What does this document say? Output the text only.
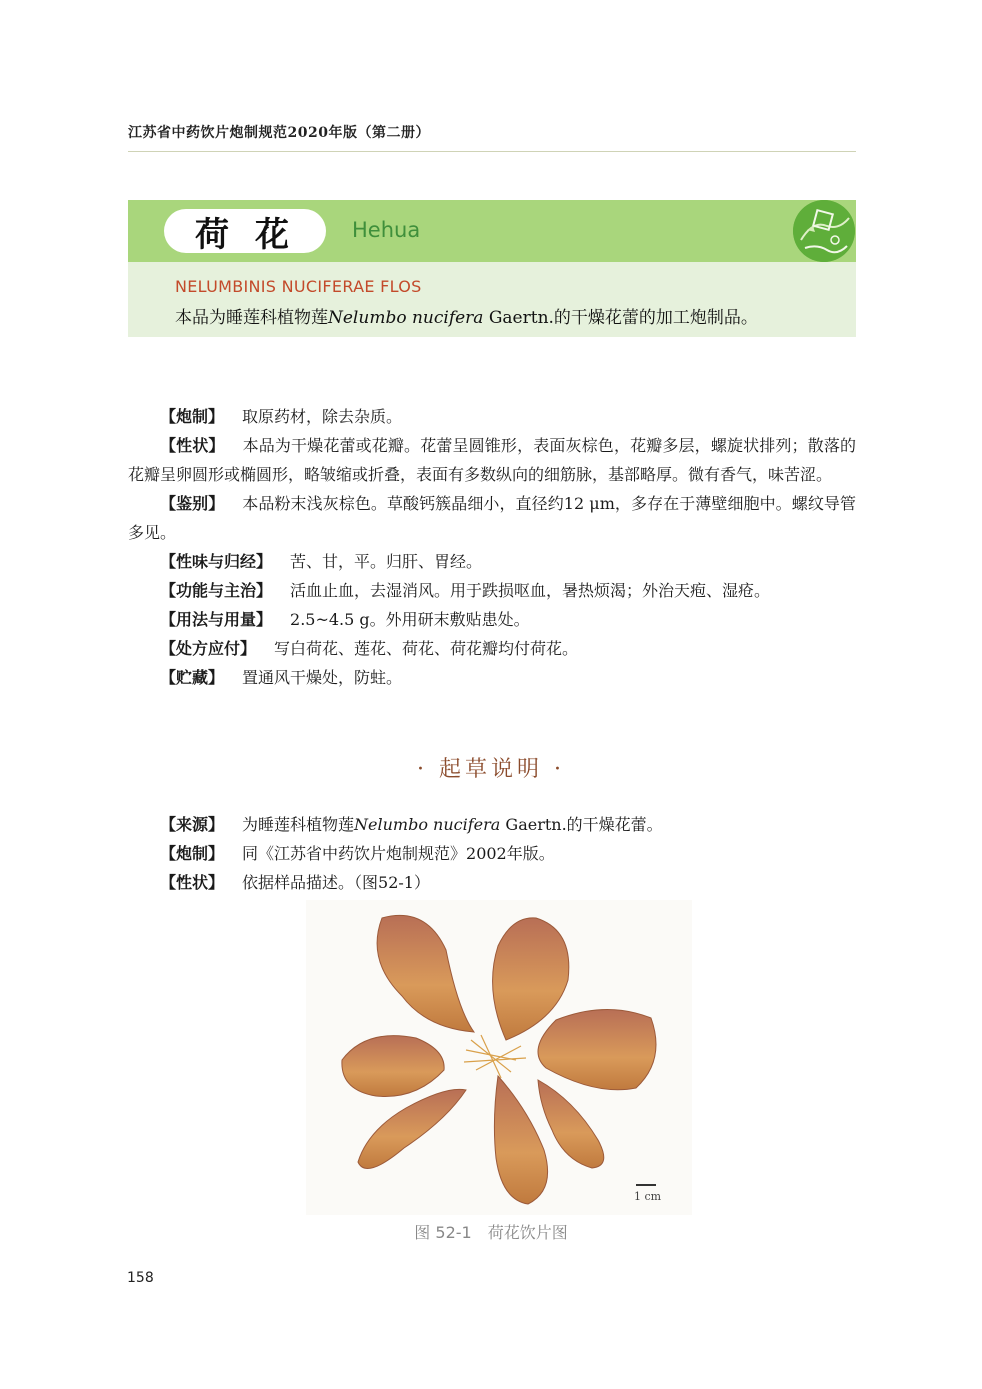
江苏省中药饮片炮制规范2020年版（第二册）
荷花	Hehua
NELUMBINIS NUCIFERAE FLOS
本品为睡莲科植物莲Nelumbo nucifera Gaertn.的干燥花蕾的加工炮制品。

【炮制】 取原药材，除去杂质。

【性状】 本品为干燥花蕾或花瓣。花蕾呈圆锥形，表面灰棕色，花瓣多层，螺旋状排列；散落的花瓣呈卵圆形或椭圆形，略皱缩或折叠，表面有多数纵向的细筋脉，基部略厚。微有香气，味苦涩。

【鉴别】 本品粉末浅灰棕色。草酸钙簇晶细小，直径约12 μm，多存在于薄壁细胞中。螺纹导管多见。

【性味与归经】 苦、甘，平。归肝、胃经。

【功能与主治】 活血止血，去湿消风。用于跌损呕血，暑热烦渴；外治天疱、湿疮。

【用法与用量】 2.5~4.5 g。外用研末敷贴患处。

【处方应付】 写白荷花、莲花、荷花、荷花瓣均付荷花。

【贮藏】 置通风干燥处，防蛀。

· 起草说明 ·

【来源】 为睡莲科植物莲Nelumbo nucifera Gaertn.的干燥花蕾。

【炮制】 同《江苏省中药饮片炮制规范》2002年版。

【性状】 依据样品描述。（图52-1）

1 cm
图 52-1　荷花饮片图
158
